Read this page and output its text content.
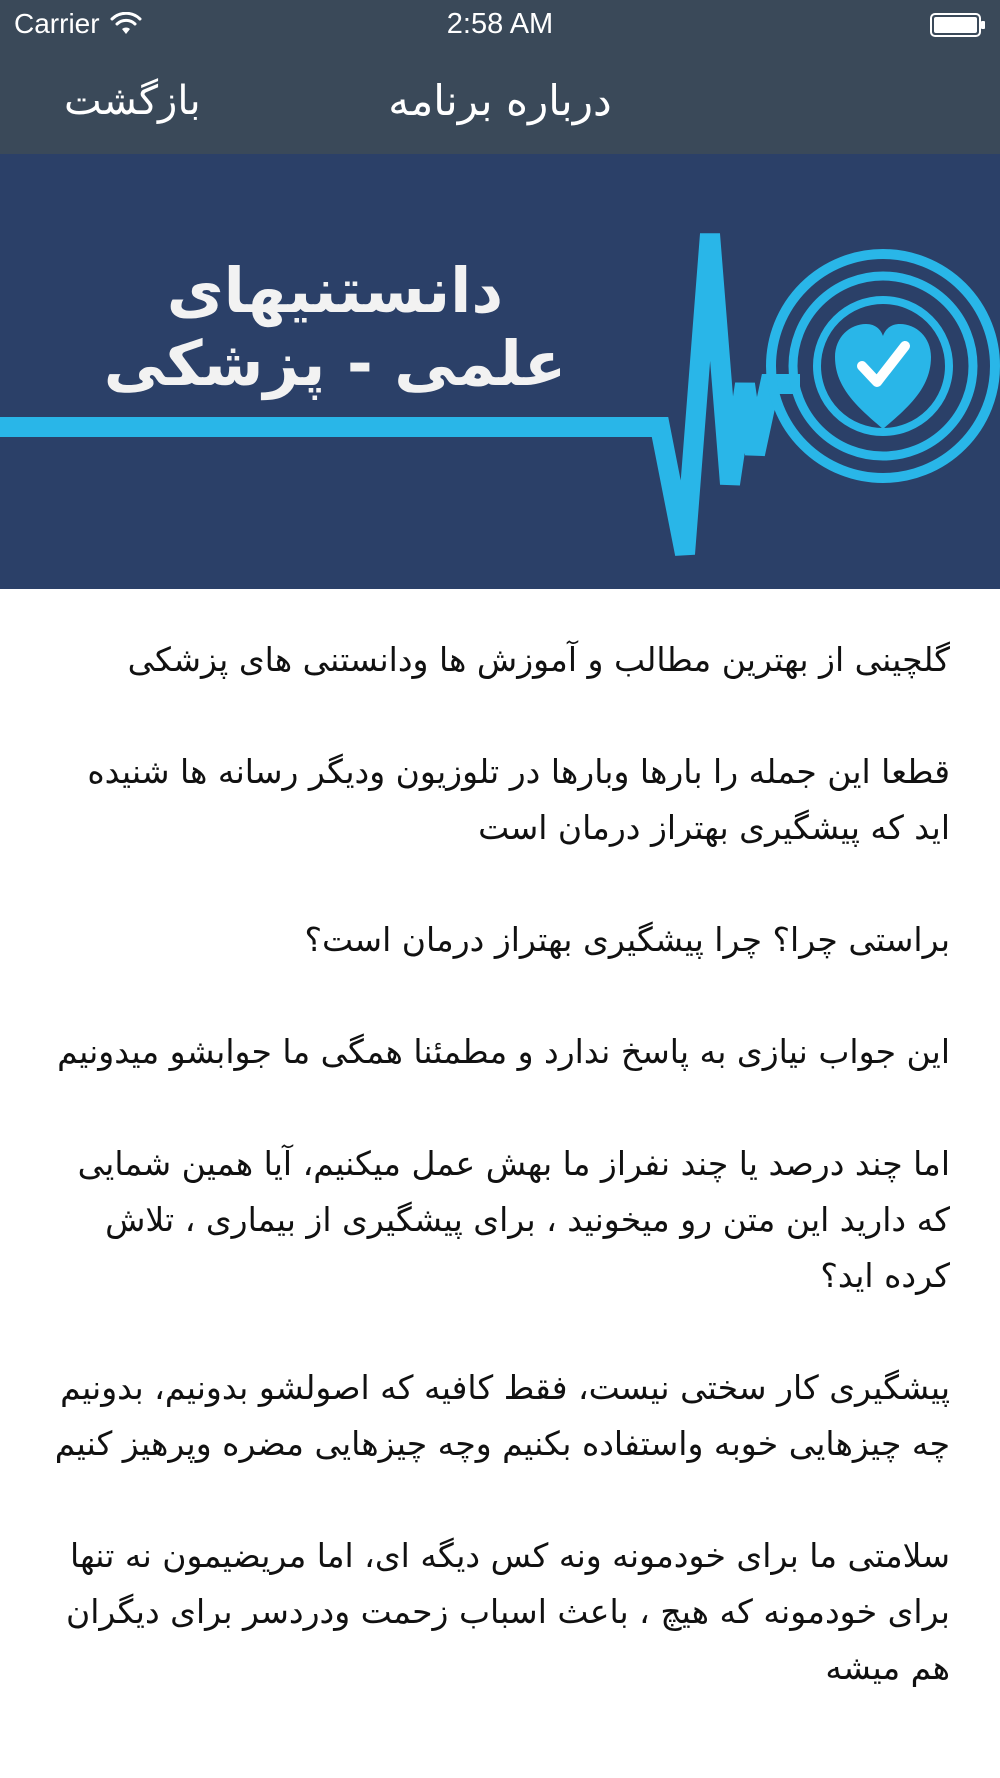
Carrier	2:58 AM
بازگشت	درباره برنامه
دانستنیهای علمی - پزشکی

گلچینی از بهترین مطالب و آموزش ها ودانستنی های پزشکی

قطعا این جمله را بارها وبارها در تلوزیون ودیگر رسانه ها شنیده اید که پیشگیری بهتراز درمان است

براستی چرا؟ چرا پیشگیری بهتراز درمان است؟

این جواب نیازی به پاسخ ندارد و مطمئنا همگی ما جوابشو میدونیم

اما چند درصد یا چند نفراز ما بهش عمل میکنیم، آیا همین شمایی که دارید این متن رو میخونید ، برای پیشگیری از بیماری ، تلاش کرده اید؟

پیشگیری کار سختی نیست، فقط کافیه که اصولشو بدونیم، بدونیم چه چیزهایی خوبه واستفاده بکنیم وچه چیزهایی مضره وپرهیز کنیم

سلامتی ما برای خودمونه ونه کس دیگه ای، اما مریضیمون نه تنها برای خودمونه که هیچ ، باعث اسباب زحمت ودردسر برای دیگران هم میشه
